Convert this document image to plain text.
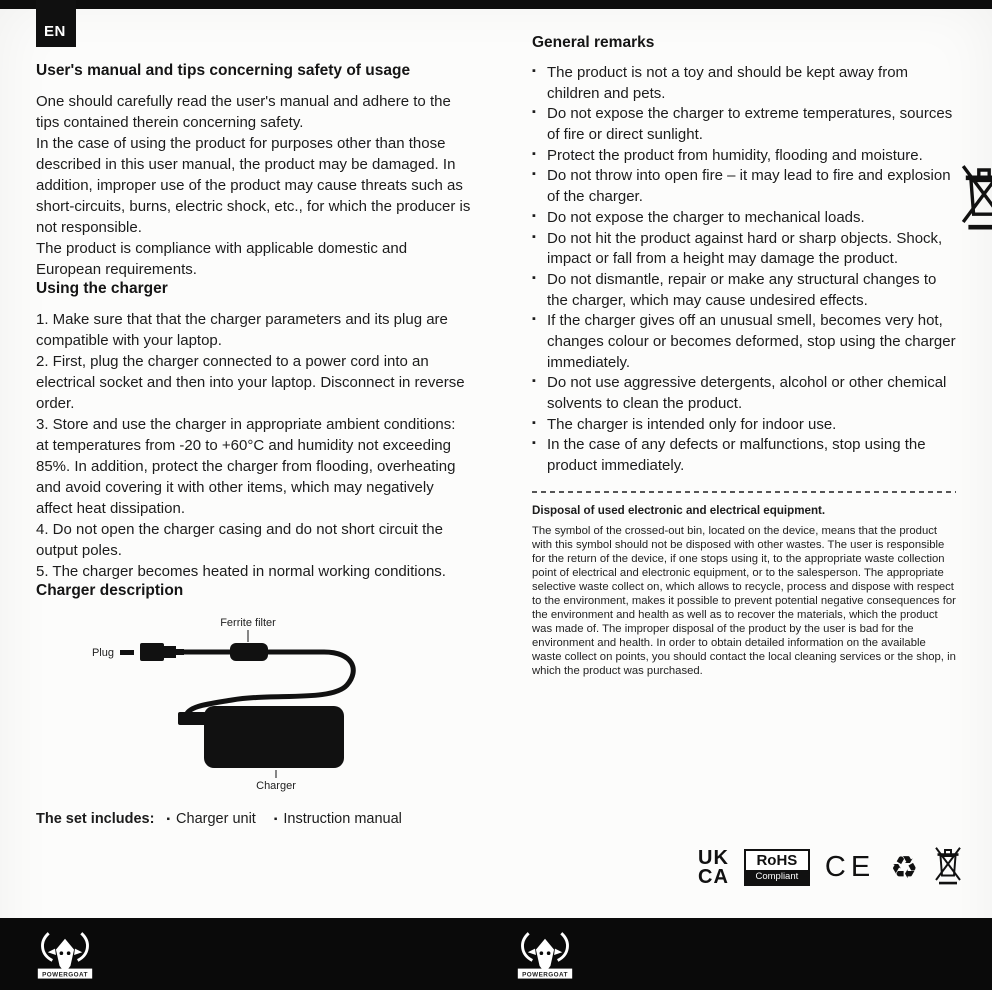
EN
User's manual and tips concerning safety of usage
One should carefully read the user's manual and adhere to the tips contained therein concerning safety.
In the case of using the product for purposes other than those described in this user manual, the product may be damaged. In addition, improper use of the product may cause threats such as short-circuits, burns, electric shock, etc., for which the producer is not responsible.
The product is compliance with applicable domestic and European requirements.
Using the charger
1. Make sure that that the charger parameters and its plug are compatible with your laptop.
2. First, plug the charger connected to a power cord into an electrical socket and then into your laptop. Disconnect in reverse order.
3. Store and use the charger in appropriate ambient conditions: at temperatures from -20 to +60°C and humidity not exceeding 85%. In addition, protect the charger from flooding, overheating and avoid covering it with other items, which may negatively affect heat dissipation.
4. Do not open the charger casing and do not short circuit the output poles.
5. The charger becomes heated in normal working conditions.
Charger description
Ferrite filter
Plug
Charger
The set includes: ▪ Charger unit ▪ Instruction manual
General remarks
▪ The product is not a toy and should be kept away from children and pets.
▪ Do not expose the charger to extreme temperatures, sources of fire or direct sunlight.
▪ Protect the product from humidity, flooding and moisture.
▪ Do not throw into open fire – it may lead to fire and explosion of the charger.
▪ Do not expose the charger to mechanical loads.
▪ Do not hit the product against hard or sharp objects. Shock, impact or fall from a height may damage the product.
▪ Do not dismantle, repair or make any structural changes to the charger, which may cause undesired effects.
▪ If the charger gives off an unusual smell, becomes very hot, changes colour or becomes deformed, stop using the charger immediately.
▪ Do not use aggressive detergents, alcohol or other chemical solvents to clean the product.
▪ The charger is intended only for indoor use.
▪ In the case of any defects or malfunctions, stop using the product immediately.
Disposal of used electronic and electrical equipment.
The symbol of the crossed-out bin, located on the device, means that the product with this symbol should not be disposed with other wastes. The user is responsible for the return of the device, if one stops using it, to the appropriate waste collection point of electrical and electronic equipment, or to the salesperson. The appropriate selective waste collect on, which allows to recycle, process and dispose with respect to the environment, makes it possible to prevent potential negative consequences for the environment and health as well as to recover the materials, which the product was made of. The improper disposal of the product by the user is bad for the environment and health. In order to obtain detailed information on the available waste collect on points, you should contact the local cleaning services or the shop, in which the product was purchased.
UK
CA
RoHS
Compliant CE ♻
POWERGOAT	POWERGOAT
